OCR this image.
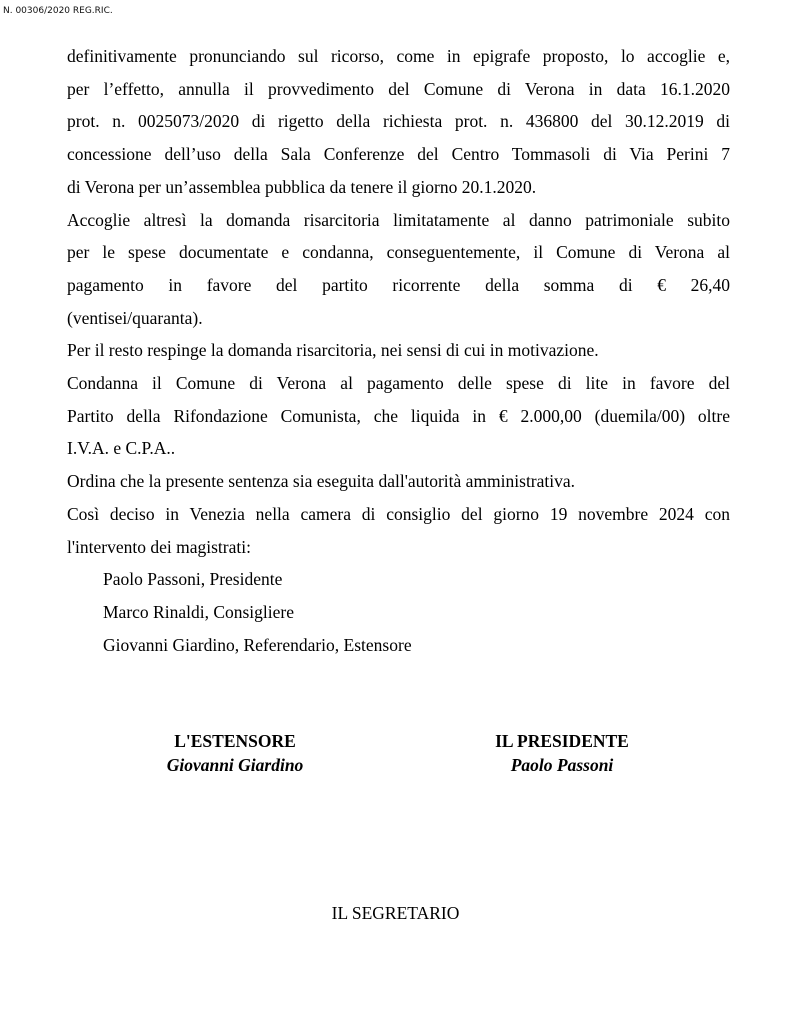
N. 00306/2020 REG.RIC.
definitivamente pronunciando sul ricorso, come in epigrafe proposto, lo accoglie e,
per l’effetto, annulla il provvedimento del Comune di Verona in data 16.1.2020
prot. n. 0025073/2020 di rigetto della richiesta prot. n. 436800 del 30.12.2019 di
concessione dell’uso della Sala Conferenze del Centro Tommasoli di Via Perini 7
di Verona per un’assemblea pubblica da tenere il giorno 20.1.2020.
Accoglie altresì la domanda risarcitoria limitatamente al danno patrimoniale subito
per le spese documentate e condanna, conseguentemente, il Comune di Verona al
pagamento in favore del partito ricorrente della somma di € 26,40
(ventisei/quaranta).
Per il resto respinge la domanda risarcitoria, nei sensi di cui in motivazione.
Condanna il Comune di Verona al pagamento delle spese di lite in favore del
Partito della Rifondazione Comunista, che liquida in € 2.000,00 (duemila/00) oltre
I.V.A. e C.P.A..
Ordina che la presente sentenza sia eseguita dall'autorità amministrativa.
Così deciso in Venezia nella camera di consiglio del giorno 19 novembre 2024 con
l'intervento dei magistrati:
Paolo Passoni, Presidente
Marco Rinaldi, Consigliere
Giovanni Giardino, Referendario, Estensore
L'ESTENSORE
Giovanni Giardino
IL PRESIDENTE
Paolo Passoni
IL SEGRETARIO
